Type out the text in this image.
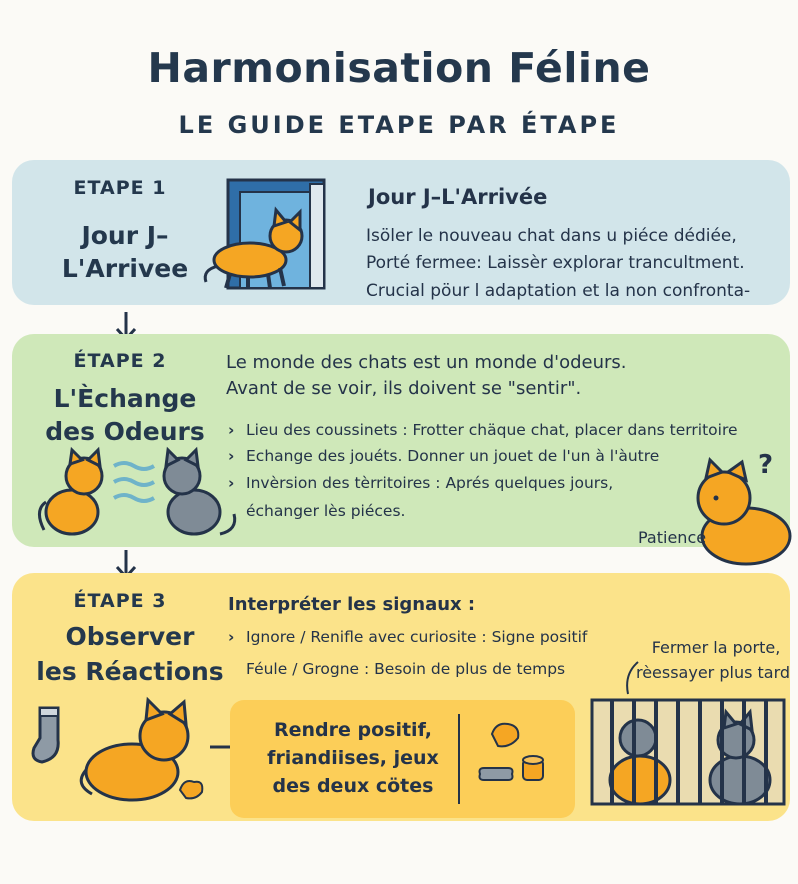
Harmonisation Féline
LE GUIDE ETAPE PAR ÉTAPE
ETAPE 1
Jour J–
L'Arrivee
Jour J–L'Arrivée
Isöler le nouveau chat dans u piéce dédiée,
Porté fermee: Laissèr explorar trancultment.
Crucial pöur l adaptation et la non confronta-
ÉTAPE 2
L'Èchange
des Odeurs
Le monde des chats est un monde d'odeurs.
Avant de se voir, ils doivent se "sentir".
› Lieu des coussinets : Frotter chäque chat, placer dans territoire
› Echange des jouéts. Donner un jouet de l'un à l'àutre
› Invèrsion des tèrritoires : Aprés quelques jours,
échanger lès piéces.
?
Patience
ÉTAPE 3
Observer
les Réactions
Interpréter les signaux :
› Ignore / Renifle avec curiosite : Signe positif
Féule / Grogne : Besoin de plus de temps
Rendre positif,
friandiises, jeux
des deux cötes
Fermer la porte,
rèessayer plus tard
